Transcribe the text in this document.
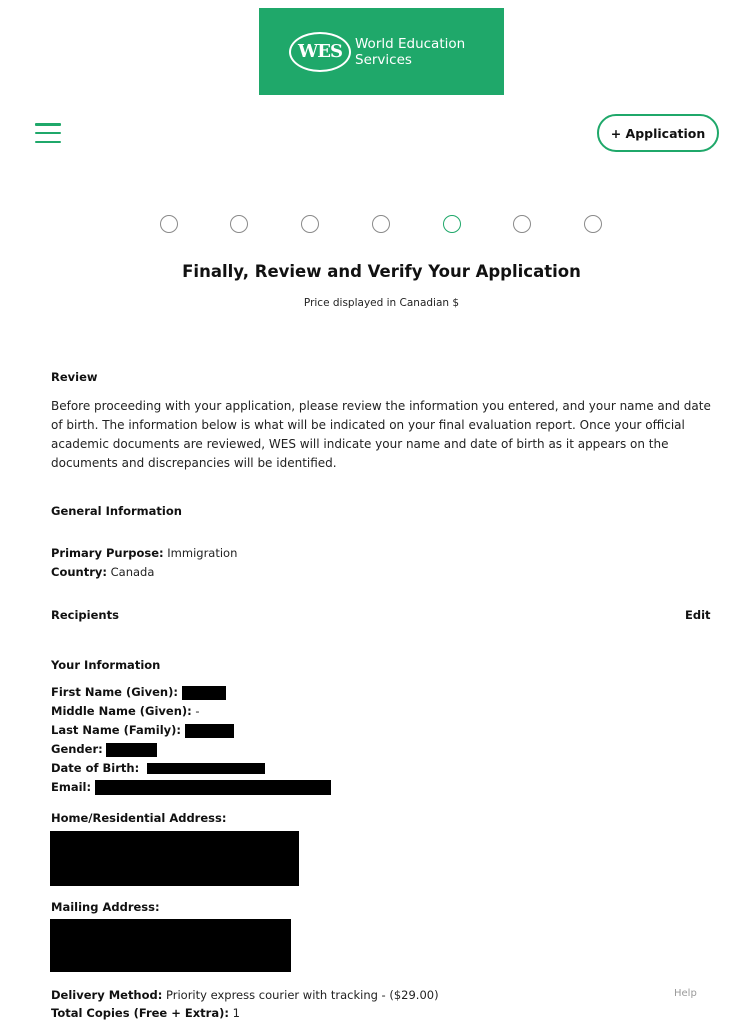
WES World Education
Services
+ Application
Finally, Review and Verify Your Application
Price displayed in Canadian $
Review
Before proceeding with your application, please review the information you entered, and your name and date of birth. The information below is what will be indicated on your final evaluation report. Once your official academic documents are reviewed, WES will indicate your name and date of birth as it appears on the documents and discrepancies will be identified.
General Information
Primary Purpose: Immigration
Country: Canada
Recipients	Edit
Your Information
First Name (Given):
Middle Name (Given): -
Last Name (Family):
Gender:
Date of Birth:
Email:
Home/Residential Address:
Mailing Address:
Delivery Method: Priority express courier with tracking - ($29.00)
Total Copies (Free + Extra): 1
Help
